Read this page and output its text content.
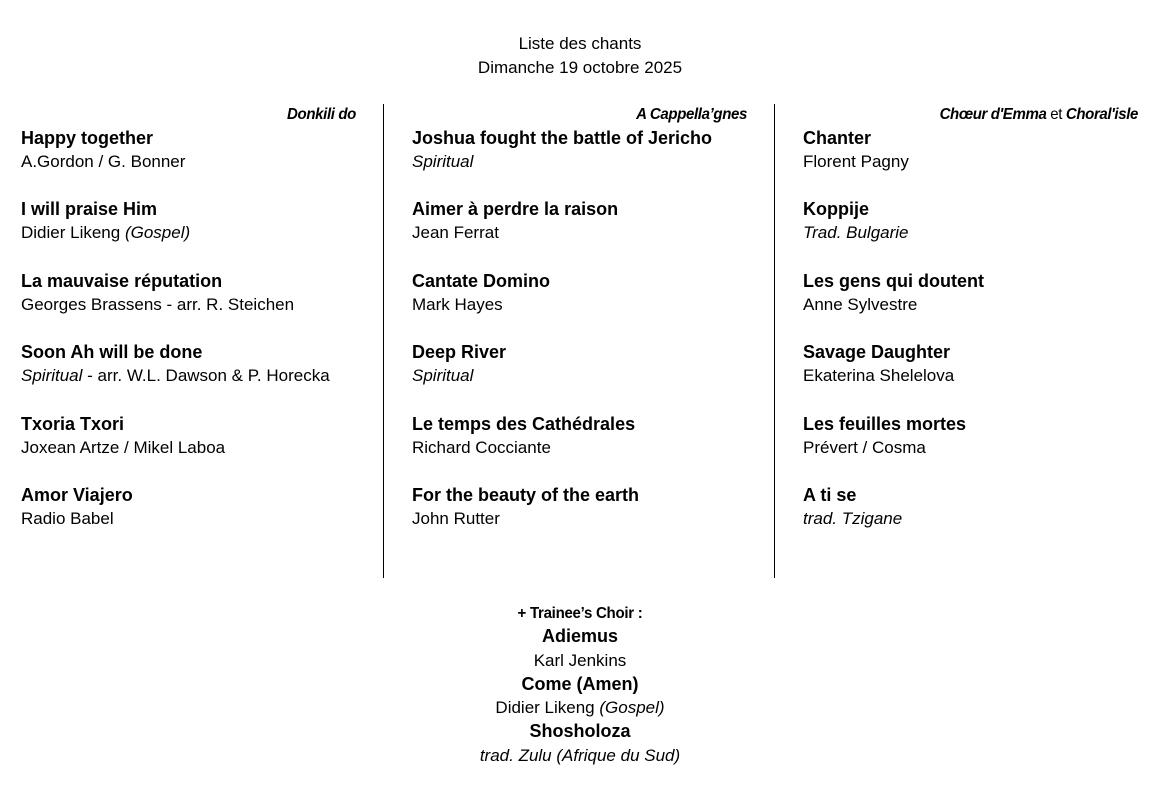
Liste des chants
Dimanche 19 octobre 2025
Donkili do
Happy together
A.Gordon / G. Bonner
I will praise Him
Didier Likeng (Gospel)
La mauvaise réputation
Georges Brassens - arr. R. Steichen
Soon Ah will be done
Spiritual - arr. W.L. Dawson & P. Horecka
Txoria Txori
Joxean Artze / Mikel Laboa
Amor Viajero
Radio Babel
A Cappella’gnes
Joshua fought the battle of Jericho
Spiritual
Aimer à perdre la raison
Jean Ferrat
Cantate Domino
Mark Hayes
Deep River
Spiritual
Le temps des Cathédrales
Richard Cocciante
For the beauty of the earth
John Rutter
Chœur d'Emma et Choral'isle
Chanter
Florent Pagny
Koppije
Trad. Bulgarie
Les gens qui doutent
Anne Sylvestre
Savage Daughter
Ekaterina Shelelova
Les feuilles mortes
Prévert / Cosma
A ti se
trad. Tzigane
+ Trainee’s Choir :
Adiemus
Karl Jenkins
Come (Amen)
Didier Likeng (Gospel)
Shosholoza
trad. Zulu (Afrique du Sud)
